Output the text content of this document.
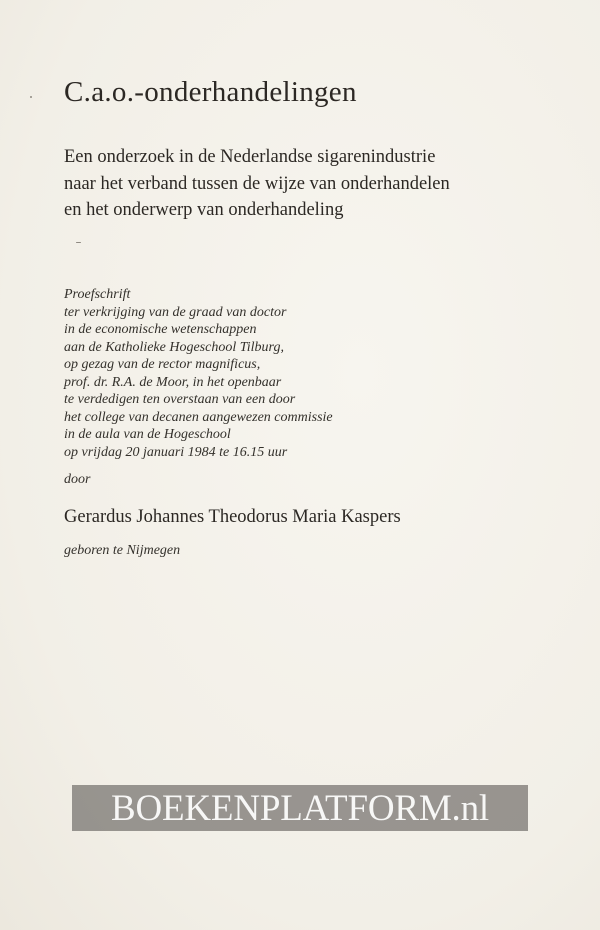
C.a.o.-onderhandelingen
Een onderzoek in de Nederlandse sigarenindustrie
naar het verband tussen de wijze van onderhandelen
en het onderwerp van onderhandeling
Proefschrift
ter verkrijging van de graad van doctor
in de economische wetenschappen
aan de Katholieke Hogeschool Tilburg,
op gezag van de rector magnificus,
prof. dr. R.A. de Moor, in het openbaar
te verdedigen ten overstaan van een door
het college van decanen aangewezen commissie
in de aula van de Hogeschool
op vrijdag 20 januari 1984 te 16.15 uur
door
Gerardus Johannes Theodorus Maria Kaspers
geboren te Nijmegen
BOEKENPLATFORM.nl
